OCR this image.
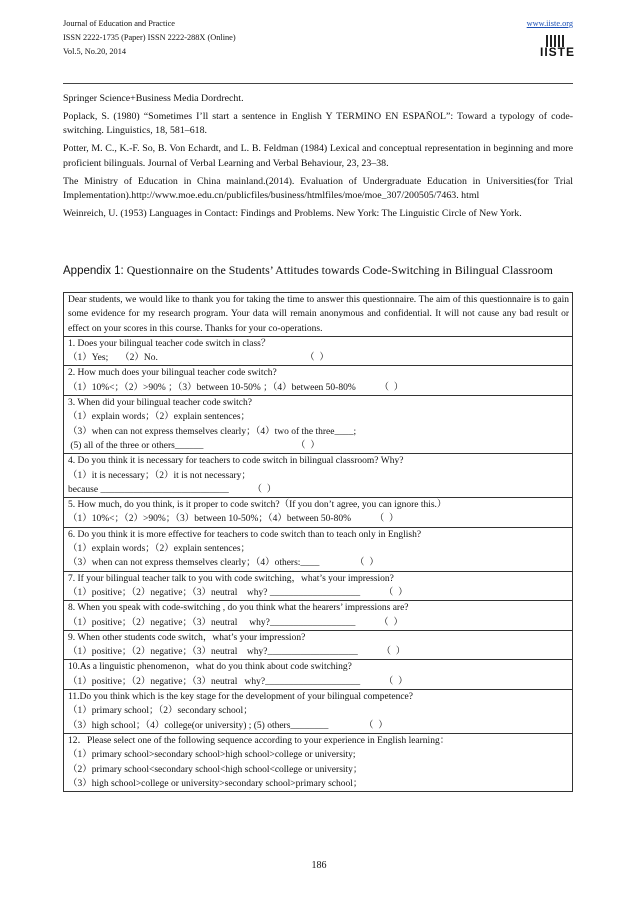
Journal of Education and Practice	www.iiste.org
ISSN 2222-1735 (Paper) ISSN 2222-288X (Online)
Vol.5, No.20, 2014	IISTE

Springer Science+Business Media Dordrecht.

Poplack, S. (1980) “Sometimes I’ll start a sentence in English Y TERMINO EN ESPAÑOL”: Toward a typology of code-switching. Linguistics, 18, 581–618.

Potter, M. C., K.-F. So, B. Von Echardt, and L. B. Feldman (1984) Lexical and conceptual representation in beginning and more proficient bilinguals. Journal of Verbal Learning and Verbal Behaviour, 23, 23–38.

The Ministry of Education in China mainland.(2014). Evaluation of Undergraduate Education in Universities(for Trial Implementation).http://www.moe.edu.cn/publicfiles/business/htmlfiles/moe/moe_307/200505/7463. html

Weinreich, U. (1953) Languages in Contact: Findings and Problems. New York: The Linguistic Circle of New York.

Appendix 1: Questionnaire on the Students’ Attitudes towards Code-Switching in Bilingual Classroom
Dear students, we would like to thank you for taking the time to answer this questionnaire. The aim of this questionnaire is to gain some evidence for my research program. Your data will remain anonymous and confidential. It will not cause any bad result or effect on your scores in this course. Thanks for your co-operations.
1. Does your bilingual teacher code switch in class？
（1）Yes;     （2）No.                                                              （  ）
2. How much does your bilingual teacher code switch?
（1）10%<；（2）>90% ；（3）between 10-50% ；（4）between 50-80%          （  ）
3. When did your bilingual teacher code switch?
（1）explain words；（2）explain sentences；
（3）when can not express themselves clearly；（4）two of the three____;
(5) all of the three or others______                                       （  ）
4. Do you think it is necessary for teachers to code switch in bilingual classroom? Why?
（1）it is necessary；（2）it is not necessary；
because ___________________________          （  ）
5. How much, do you think, is it proper to code switch?（If you don’t agree, you can ignore this.）
（1）10%<；（2）>90%；（3）between 10-50%；（4）between 50-80%          （  ）
6. Do you think it is more effective for teachers to code switch than to teach only in English?
（1）explain words；（2）explain sentences；
（3）when can not express themselves clearly；（4）others:____               （  ）
7. If your bilingual teacher talk to you with code switching，what’s your impression?
（1）positive；（2）negative；（3）neutral    why? ___________________          （  ）
8. When you speak with code-switching , do you think what the hearers’ impressions are?
（1）positive；（2）negative；（3）neutral     why?__________________          （  ）
9. When other students code switch，what’s your impression?
（1）positive；（2）negative；（3）neutral    why?___________________          （  ）
10.As a linguistic phenomenon，what do you think about code switching?
（1）positive；（2）negative；（3）neutral   why?____________________          （  ）
11.Do you think which is the key stage for the development of your bilingual competence?
（1）primary school；（2）secondary school；
（3）high school；（4）college(or university) ; (5) others________               （  ）
12．Please select one of the following sequence according to your experience in English learning：
（1）primary school>secondary school>high school>college or university;
（2）primary school<secondary school<high school<college or university；
（3）high school>college or university>secondary school>primary school；
186
